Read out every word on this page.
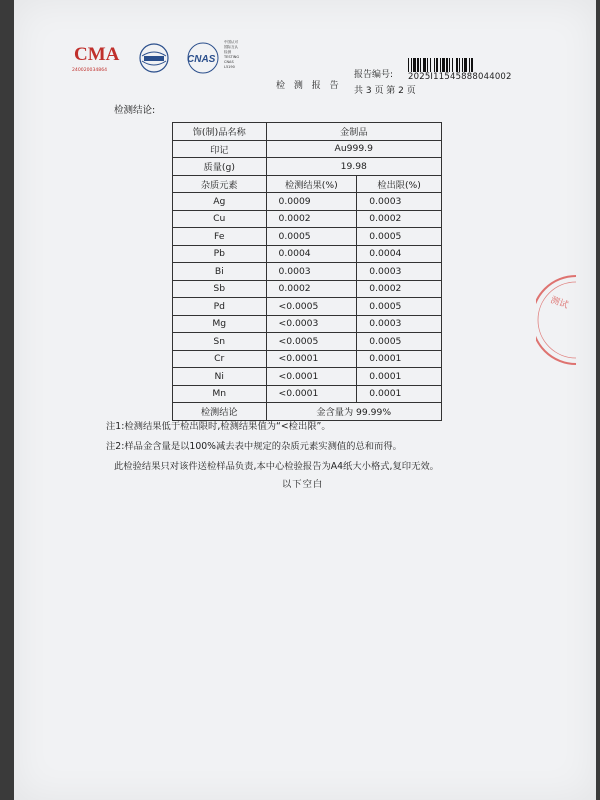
CMA
240020034864
CNAS
中国认可
国际互认
检测
TESTING
CNAS L5190
检 测 报 告
报告编号: 2025I11545888044002
共 3 页 第 2 页
检测结论:
饰(制)品名称	金制品	
印记	Au999.9	
质量(g)	19.98	
杂质元素	检测结果(%)	检出限(%)
Ag	0.0009	0.0003
Cu	0.0002	0.0002
Fe	0.0005	0.0005
Pb	0.0004	0.0004
Bi	0.0003	0.0003
Sb	0.0002	0.0002
Pd	<0.0005	0.0005
Mg	<0.0003	0.0003
Sn	<0.0005	0.0005
Cr	<0.0001	0.0001
Ni	<0.0001	0.0001
Mn	<0.0001	0.0001
检测结论	金含量为 99.99%	
注1:检测结果低于检出限时,检测结果值为“<检出限”。
注2:样品金含量是以100%减去表中规定的杂质元素实测值的总和而得。
此检验结果只对该件送检样品负责,本中心检验报告为A4纸大小格式,复印无效。
以下空白
测试
